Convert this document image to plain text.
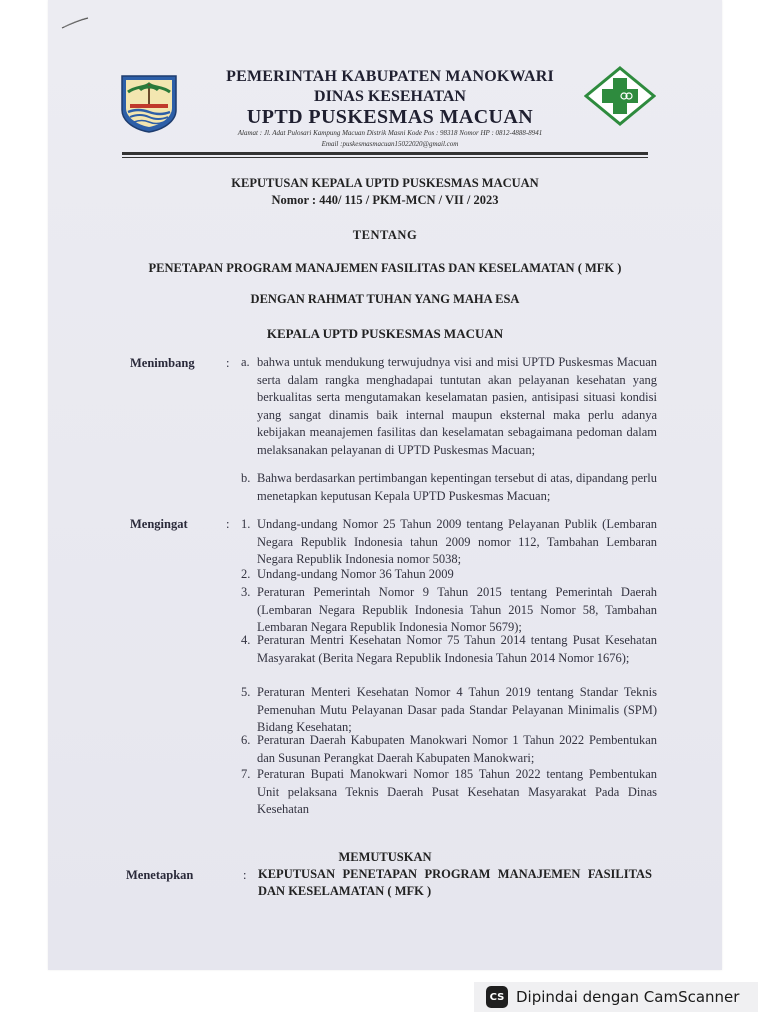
PEMERINTAH KABUPATEN MANOKWARI
DINAS KESEHATAN
UPTD PUSKESMAS MACUAN
Alamat : Jl. Adat Pulosari Kampung Macuan Distrik Masni Kode Pos : 98318 Nomor HP : 0812-4888-8941
Email :puskesmasmacuan15022020@gmail.com
KEPUTUSAN KEPALA UPTD PUSKESMAS MACUAN
Nomor : 440/ 115 / PKM-MCN / VII / 2023
TENTANG
PENETAPAN PROGRAM MANAJEMEN FASILITAS DAN KESELAMATAN ( MFK )
DENGAN RAHMAT TUHAN YANG MAHA ESA
KEPALA UPTD PUSKESMAS MACUAN
Menimbang	: a. bahwa untuk mendukung terwujudnya visi and misi UPTD Puskesmas Macuan serta dalam rangka menghadapai tuntutan akan pelayanan kesehatan yang berkualitas serta mengutamakan keselamatan pasien, antisipasi situasi kondisi yang sangat dinamis baik internal maupun eksternal maka perlu adanya kebijakan meanajemen fasilitas dan keselamatan sebagaimana pedoman dalam melaksanakan pelayanan di UPTD Puskesmas Macuan;
b. Bahwa berdasarkan pertimbangan kepentingan tersebut di atas, dipandang perlu menetapkan keputusan Kepala UPTD Puskesmas Macuan;
Mengingat	: 1. Undang-undang Nomor 25 Tahun 2009 tentang Pelayanan Publik (Lembaran Negara Republik Indonesia tahun 2009 nomor 112, Tambahan Lembaran Negara Republik Indonesia nomor 5038;
2. Undang-undang Nomor 36 Tahun 2009
3. Peraturan Pemerintah Nomor 9 Tahun 2015 tentang Pemerintah Daerah (Lembaran Negara Republik Indonesia Tahun 2015 Nomor 58, Tambahan Lembaran Negara Republik Indonesia Nomor 5679);
4. Peraturan Mentri Kesehatan Nomor 75 Tahun 2014 tentang Pusat Kesehatan Masyarakat (Berita Negara Republik Indonesia Tahun 2014 Nomor 1676);
5. Peraturan Menteri Kesehatan Nomor 4 Tahun 2019 tentang Standar Teknis Pemenuhan Mutu Pelayanan Dasar pada Standar Pelayanan Minimalis (SPM) Bidang Kesehatan;
6. Peraturan Daerah Kabupaten Manokwari Nomor 1 Tahun 2022 Pembentukan dan Susunan Perangkat Daerah Kabupaten Manokwari;
7. Peraturan Bupati Manokwari Nomor 185 Tahun 2022 tentang Pembentukan Unit pelaksana Teknis Daerah Pusat Kesehatan Masyarakat Pada Dinas Kesehatan
MEMUTUSKAN
Menetapkan	: KEPUTUSAN PENETAPAN PROGRAM MANAJEMEN FASILITAS DAN KESELAMATAN ( MFK )
CS Dipindai dengan CamScanner
